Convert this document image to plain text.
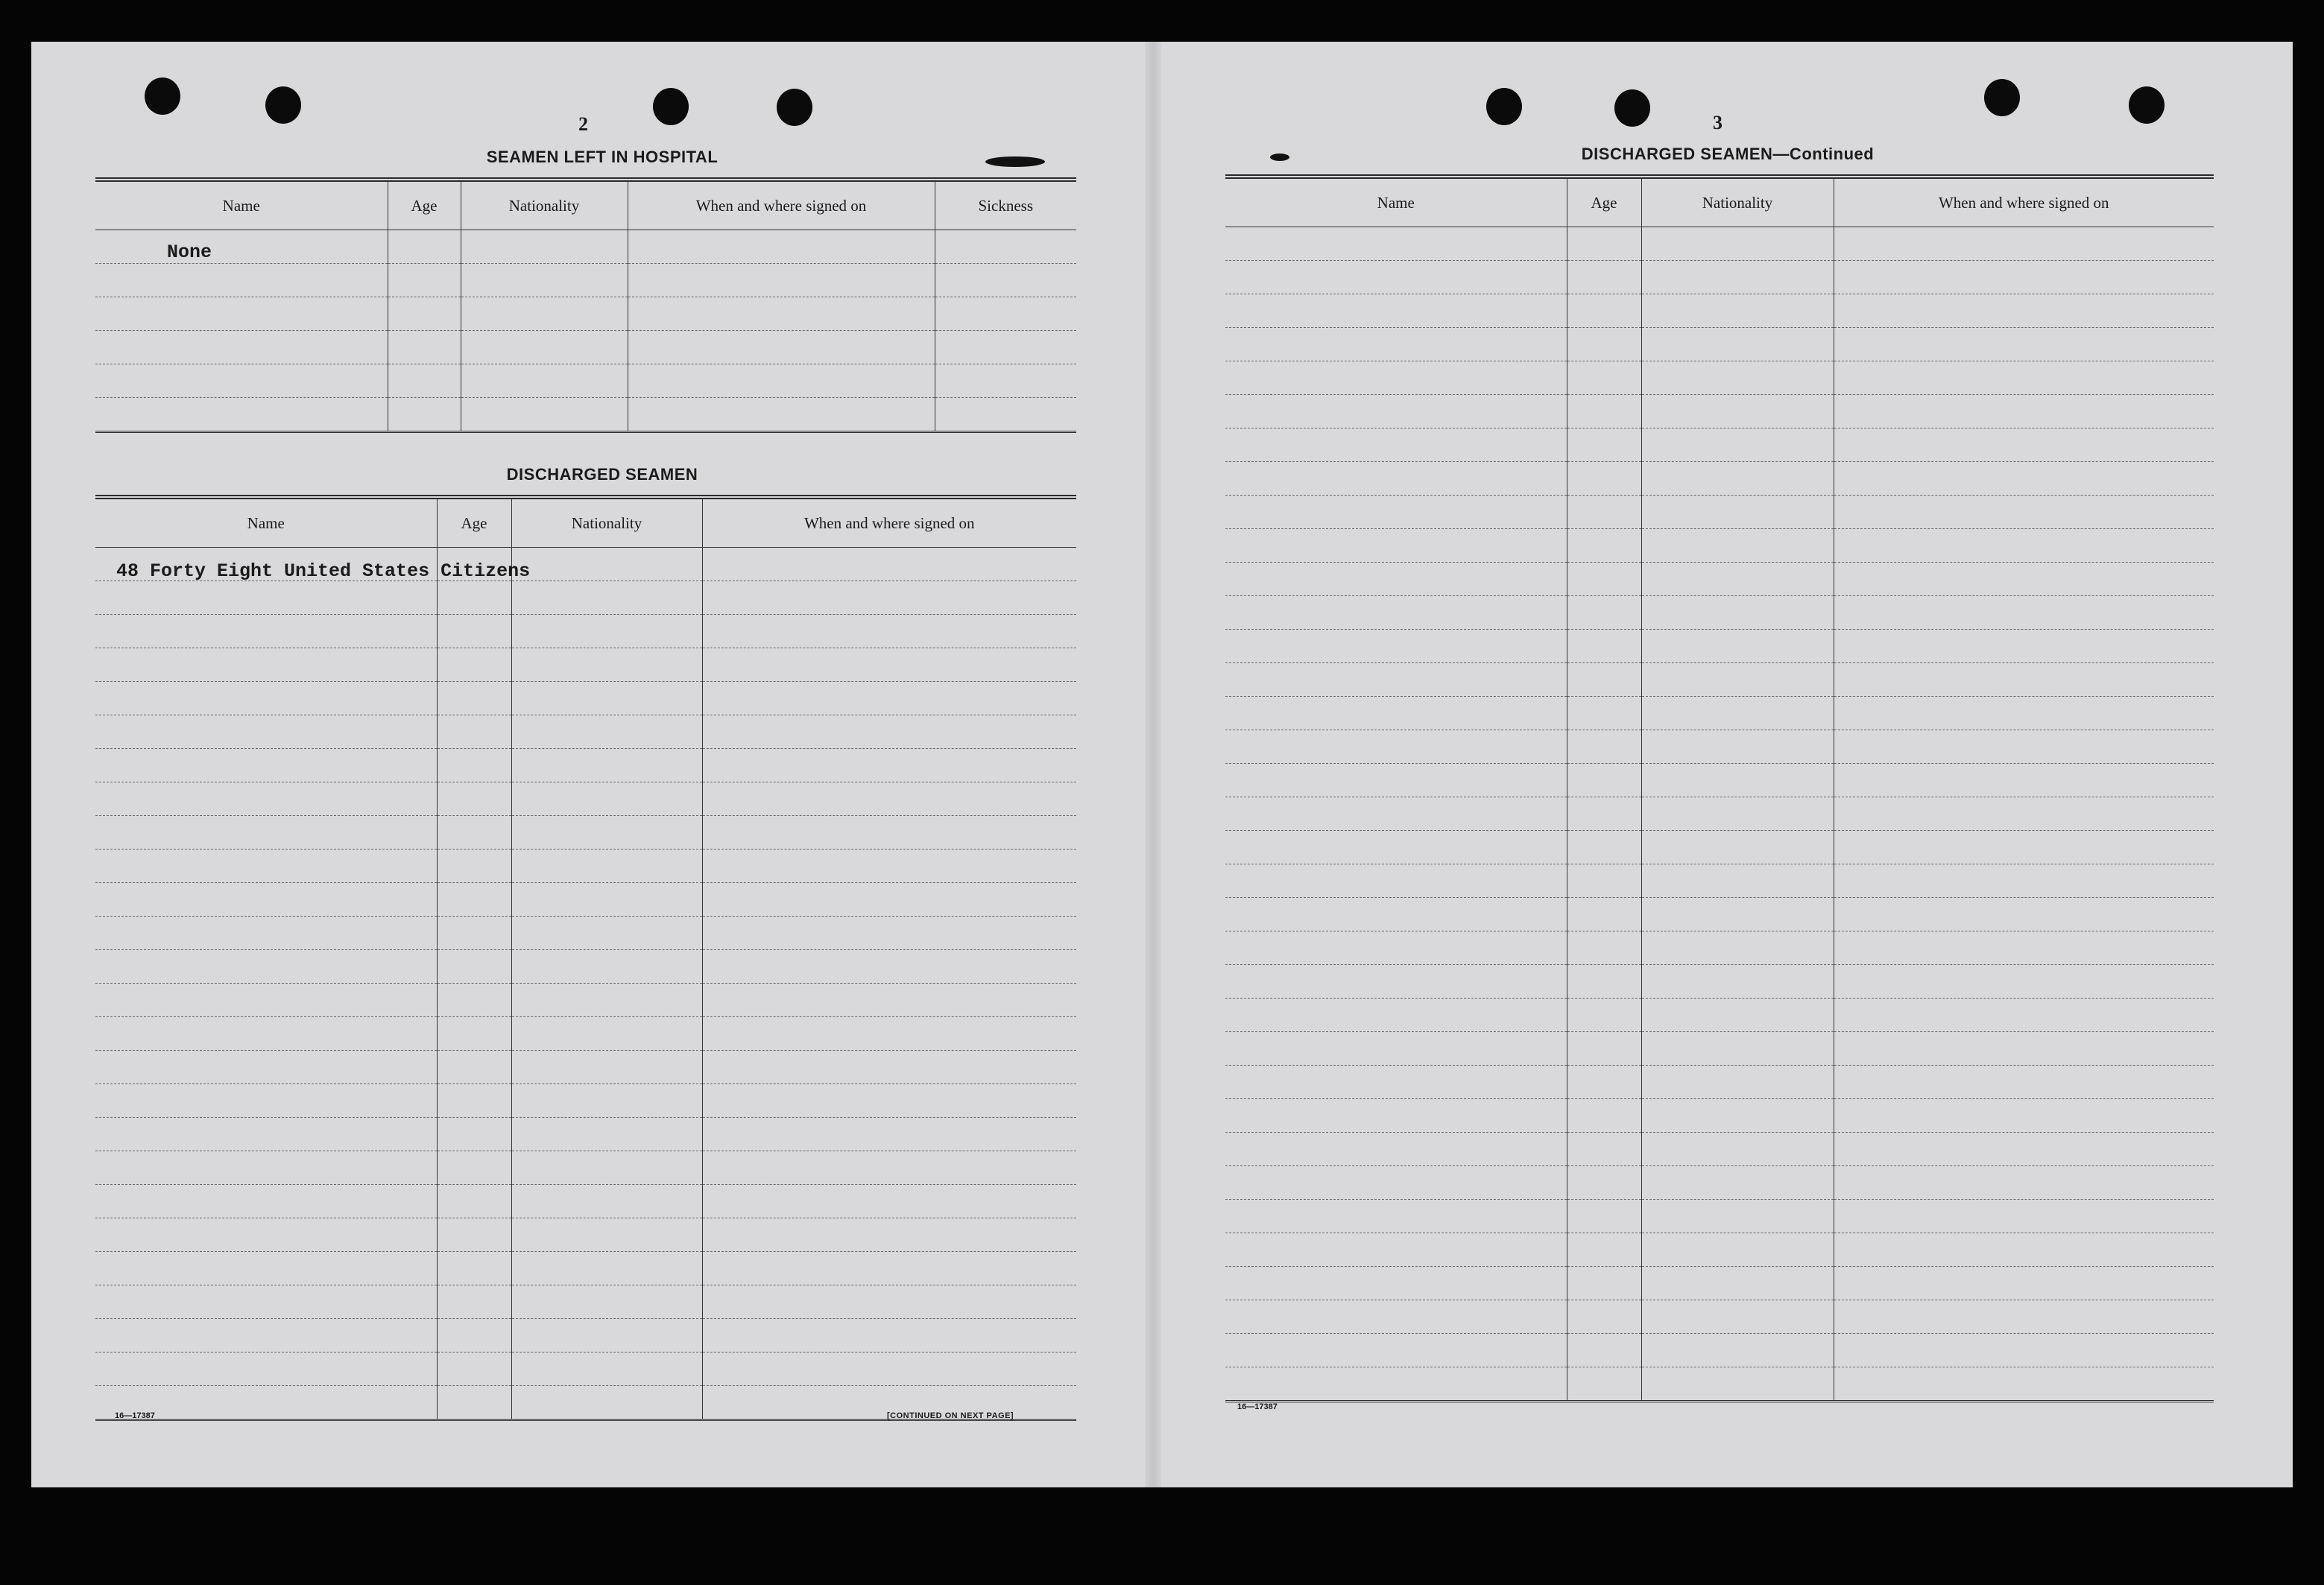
2
SEAMEN LEFT IN HOSPITAL
Name	Age	Nationality	When and where signed on	Sickness

None
DISCHARGED SEAMEN
Name	Age	Nationality	When and where signed on

48 Forty Eight United States Citizens
16—17387	[CONTINUED ON NEXT PAGE]
3
DISCHARGED SEAMEN—Continued
Name	Age	Nationality	When and where signed on

16—17387
